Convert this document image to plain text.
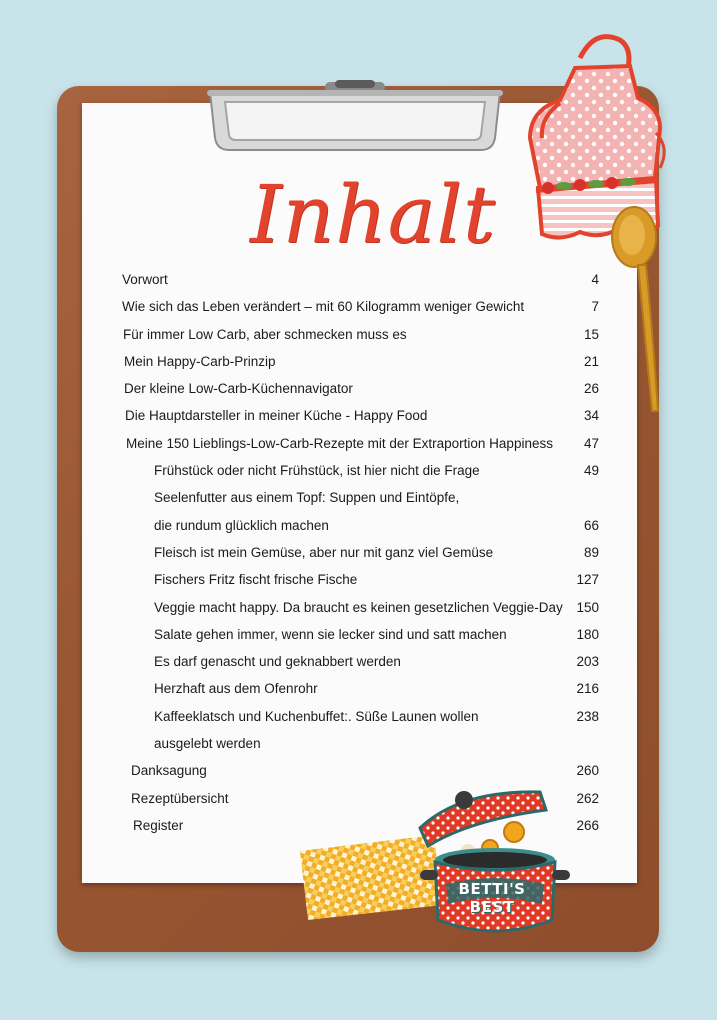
Inhalt
Vorwort	4
Wie sich das Leben verändert – mit 60 Kilogramm weniger Gewicht	7
Für immer Low Carb, aber schmecken muss es	15
Mein Happy-Carb-Prinzip	21
Der kleine Low-Carb-Küchennavigator	26
Die Hauptdarsteller in meiner Küche - Happy Food	34
Meine 150 Lieblings-Low-Carb-Rezepte mit der Extraportion Happiness 47
Frühstück oder nicht Frühstück, ist hier nicht die Frage	49
Seelenfutter aus einem Topf: Suppen und Eintöpfe,
die rundum glücklich machen	66
Fleisch ist mein Gemüse, aber nur mit ganz viel Gemüse	89
Fischers Fritz fischt frische Fische	127
Veggie macht happy. Da braucht es keinen gesetzlichen Veggie-Day 150
Salate gehen immer, wenn sie lecker sind und satt machen	180
Es darf genascht und geknabbert werden	203
Herzhaft aus dem Ofenrohr	216
Kaffeeklatsch und Kuchenbuffet:. Süße Launen wollen	238
ausgelebt werden
Danksagung	260
Rezeptübersicht	262
Register	266
BETTI'S BEST
